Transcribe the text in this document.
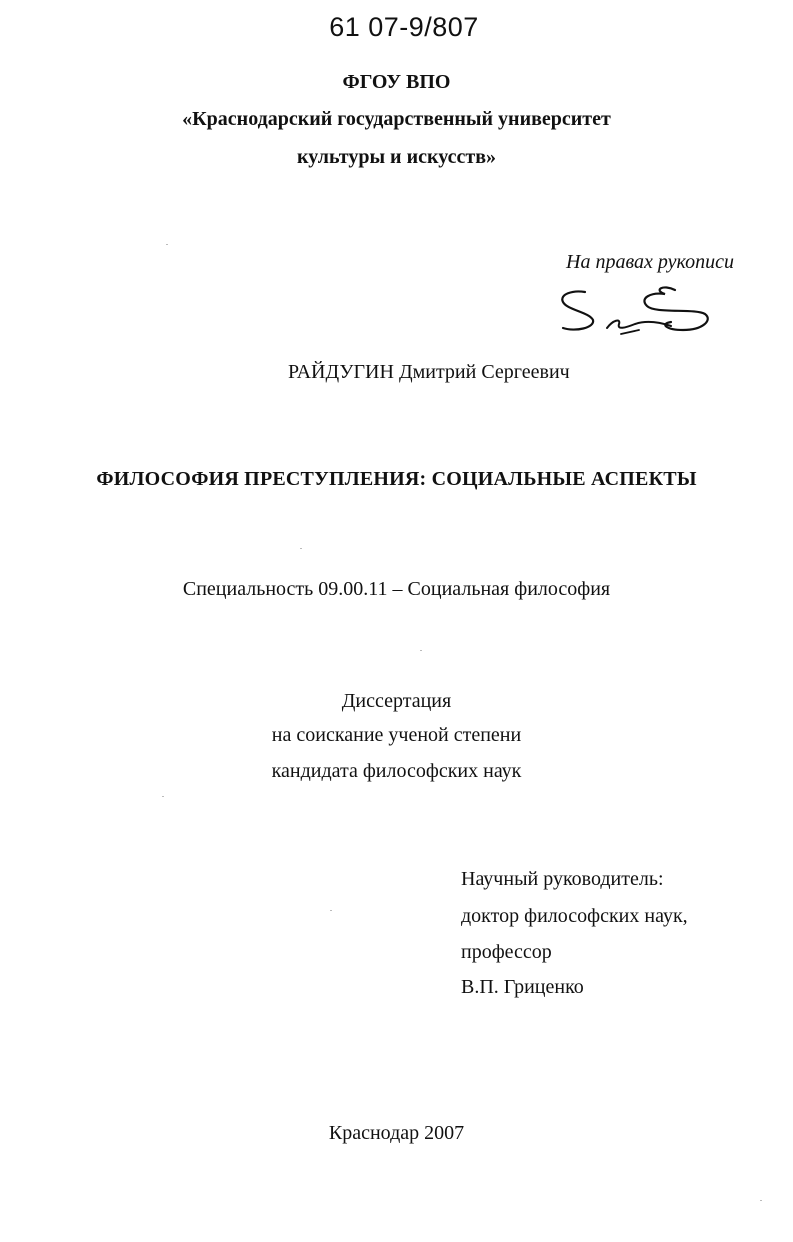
61 07-9/807
ФГОУ ВПО
«Краснодарский государственный университет
культуры и искусств»
На правах рукописи
РАЙДУГИН Дмитрий Сергеевич
ФИЛОСОФИЯ ПРЕСТУПЛЕНИЯ: СОЦИАЛЬНЫЕ АСПЕКТЫ
Специальность 09.00.11 – Социальная философия
Диссертация
на соискание ученой степени
кандидата философских наук
Научный руководитель:
доктор философских наук,
профессор
В.П. Гриценко
Краснодар 2007
